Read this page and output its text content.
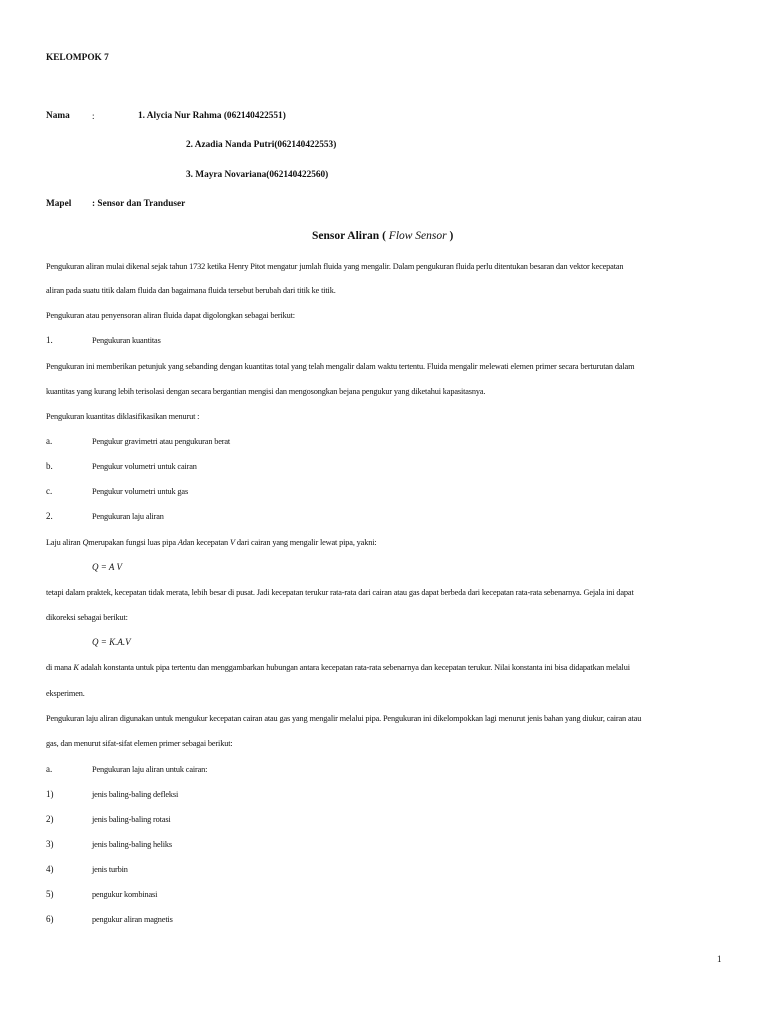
KELOMPOK 7
Nama :	1. Alycia Nur Rahma (062140422551)
2. Azadia Nanda Putri(062140422553)
3. Mayra Novariana(062140422560)
Mapel : Sensor dan Tranduser
Sensor Aliran ( Flow Sensor )
Pengukuran aliran mulai dikenal sejak tahun 1732 ketika Henry Pitot mengatur jumlah fluida yang mengalir. Dalam pengukuran fluida perlu ditentukan besaran dan vektor kecepatan
aliran pada suatu titik dalam fluida dan bagaimana fluida tersebut berubah dari titik ke titik.
Pengukuran atau penyensoran aliran fluida dapat digolongkan sebagai berikut:
1.	Pengukuran kuantitas
Pengukuran ini memberikan petunjuk yang sebanding dengan kuantitas total yang telah mengalir dalam waktu tertentu. Fluida mengalir melewati elemen primer secara berturutan dalam
kuantitas yang kurang lebih terisolasi dengan secara bergantian mengisi dan mengosongkan bejana pengukur yang diketahui kapasitasnya.
Pengukuran kuantitas diklasifikasikan menurut :
a.	Pengukur gravimetri atau pengukuran berat
b.	Pengukur volumetri untuk cairan
c.	Pengukur volumetri untuk gas
2.	Pengukuran laju aliran
Laju aliran Qmerupakan fungsi luas pipa Adan kecepatan V dari cairan yang mengalir lewat pipa, yakni:
Q = A V
tetapi dalam praktek, kecepatan tidak merata, lebih besar di pusat. Jadi kecepatan terukur rata-rata dari cairan atau gas dapat berbeda dari kecepatan rata-rata sebenarnya. Gejala ini dapat
dikoreksi sebagai berikut:
Q = K.A.V
di mana K adalah konstanta untuk pipa tertentu dan menggambarkan hubungan antara kecepatan rata-rata sebenarnya dan kecepatan terukur. Nilai konstanta ini bisa didapatkan melalui
eksperimen.
Pengukuran laju aliran digunakan untuk mengukur kecepatan cairan atau gas yang mengalir melalui pipa. Pengukuran ini dikelompokkan lagi menurut jenis bahan yang diukur, cairan atau
gas, dan menurut sifat-sifat elemen primer sebagai berikut:
a.	Pengukuran laju aliran untuk cairan:
1)	jenis baling-baling defleksi
2)	jenis baling-baling rotasi
3)	jenis baling-baling heliks
4)	jenis turbin
5)	pengukur kombinasi
6)	pengukur aliran magnetis
1
